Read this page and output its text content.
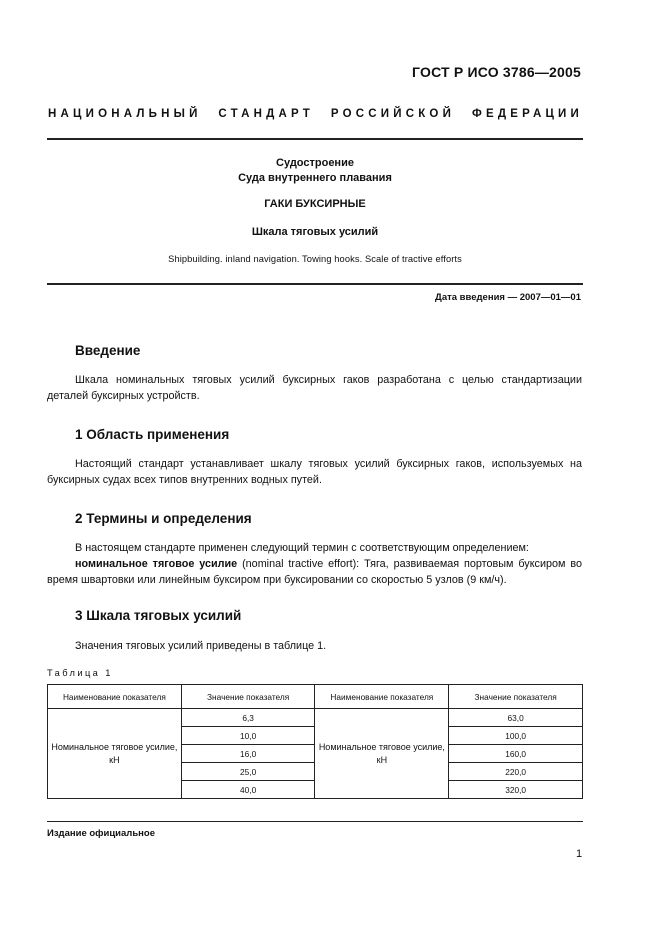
ГОСТ Р ИСО 3786—2005
НАЦИОНАЛЬНЫЙ СТАНДАРТ РОССИЙСКОЙ ФЕДЕРАЦИИ
Судостроение
Суда внутреннего плавания
ГАКИ БУКСИРНЫЕ
Шкала тяговых усилий
Shipbuilding. inland navigation. Towing hooks. Scale of tractive efforts
Дата введения — 2007—01—01
Введение
Шкала номинальных тяговых усилий буксирных гаков разработана с целью стандартизации деталей буксирных устройств.
1 Область применения
Настоящий стандарт устанавливает шкалу тяговых усилий буксирных гаков, используемых на буксирных судах всех типов внутренних водных путей.
2 Термины и определения
В настоящем стандарте применен следующий термин с соответствующим определением:
номинальное тяговое усилие (nominal tractive effort): Тяга, развиваемая портовым буксиром во время швартовки или линейным буксиром при буксировании со скоростью 5 узлов (9 км/ч).
3 Шкала тяговых усилий
Значения тяговых усилий приведены в таблице 1.
Таблица 1
Наименование показателя	Значение показателя	Наименование показателя	Значение показателя
Номинальное тяговое усилие, кН	6,3	Номинальное тяговое усилие, кН	63,0
	10,0		100,0
	16,0		160,0
	25,0		220,0
	40,0		320,0
Издание официальное
1
